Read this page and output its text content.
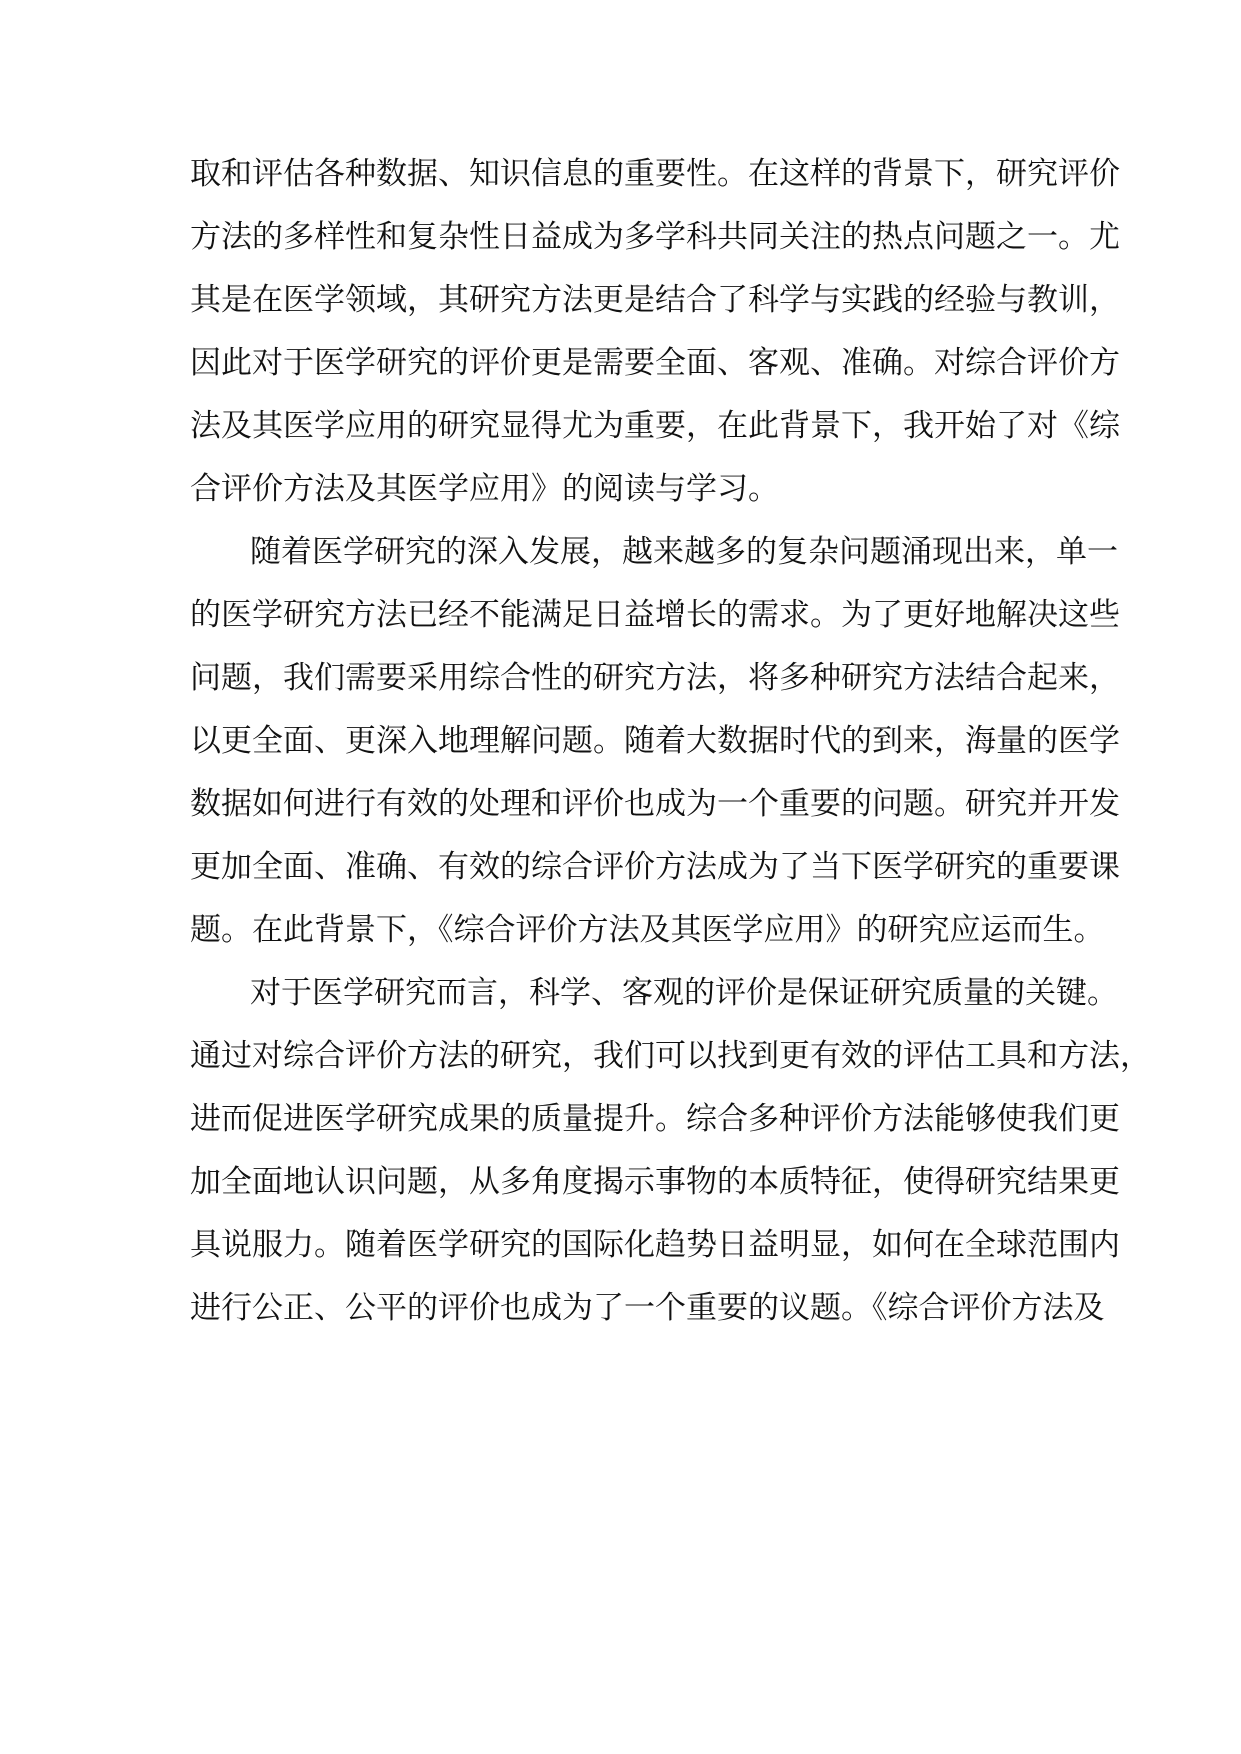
取和评估各种数据、知识信息的重要性。在这样的背景下，研究评价
方法的多样性和复杂性日益成为多学科共同关注的热点问题之一。尤
其是在医学领域，其研究方法更是结合了科学与实践的经验与教训，
因此对于医学研究的评价更是需要全面、客观、准确。对综合评价方
法及其医学应用的研究显得尤为重要，在此背景下，我开始了对《综
合评价方法及其医学应用》的阅读与学习。
随着医学研究的深入发展，越来越多的复杂问题涌现出来，单一
的医学研究方法已经不能满足日益增长的需求。为了更好地解决这些
问题，我们需要采用综合性的研究方法，将多种研究方法结合起来，
以更全面、更深入地理解问题。随着大数据时代的到来，海量的医学
数据如何进行有效的处理和评价也成为一个重要的问题。研究并开发
更加全面、准确、有效的综合评价方法成为了当下医学研究的重要课
题。在此背景下，《综合评价方法及其医学应用》的研究应运而生。
对于医学研究而言，科学、客观的评价是保证研究质量的关键。
通过对综合评价方法的研究，我们可以找到更有效的评估工具和方法，
进而促进医学研究成果的质量提升。综合多种评价方法能够使我们更
加全面地认识问题，从多角度揭示事物的本质特征，使得研究结果更
具说服力。随着医学研究的国际化趋势日益明显，如何在全球范围内
进行公正、公平的评价也成为了一个重要的议题。《综合评价方法及
